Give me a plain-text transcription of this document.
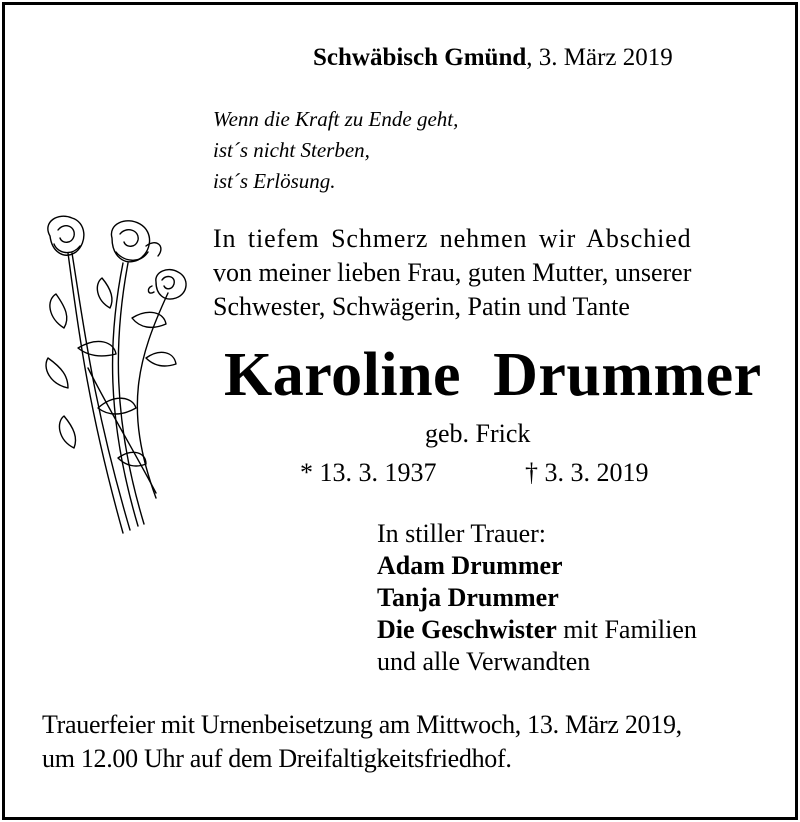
Schwäbisch Gmünd, 3. März 2019
Wenn die Kraft zu Ende geht,
ist´s nicht Sterben,
ist´s Erlösung.
In tiefem Schmerz nehmen wir Abschied
von meiner lieben Frau, guten Mutter, unserer
Schwester, Schwägerin, Patin und Tante
Karoline Drummer
geb. Frick
* 13. 3. 1937	† 3. 3. 2019
In stiller Trauer:
Adam Drummer
Tanja Drummer
Die Geschwister mit Familien
und alle Verwandten
Trauerfeier mit Urnenbeisetzung am Mittwoch, 13. März 2019,
um 12.00 Uhr auf dem Dreifaltigkeitsfriedhof.
